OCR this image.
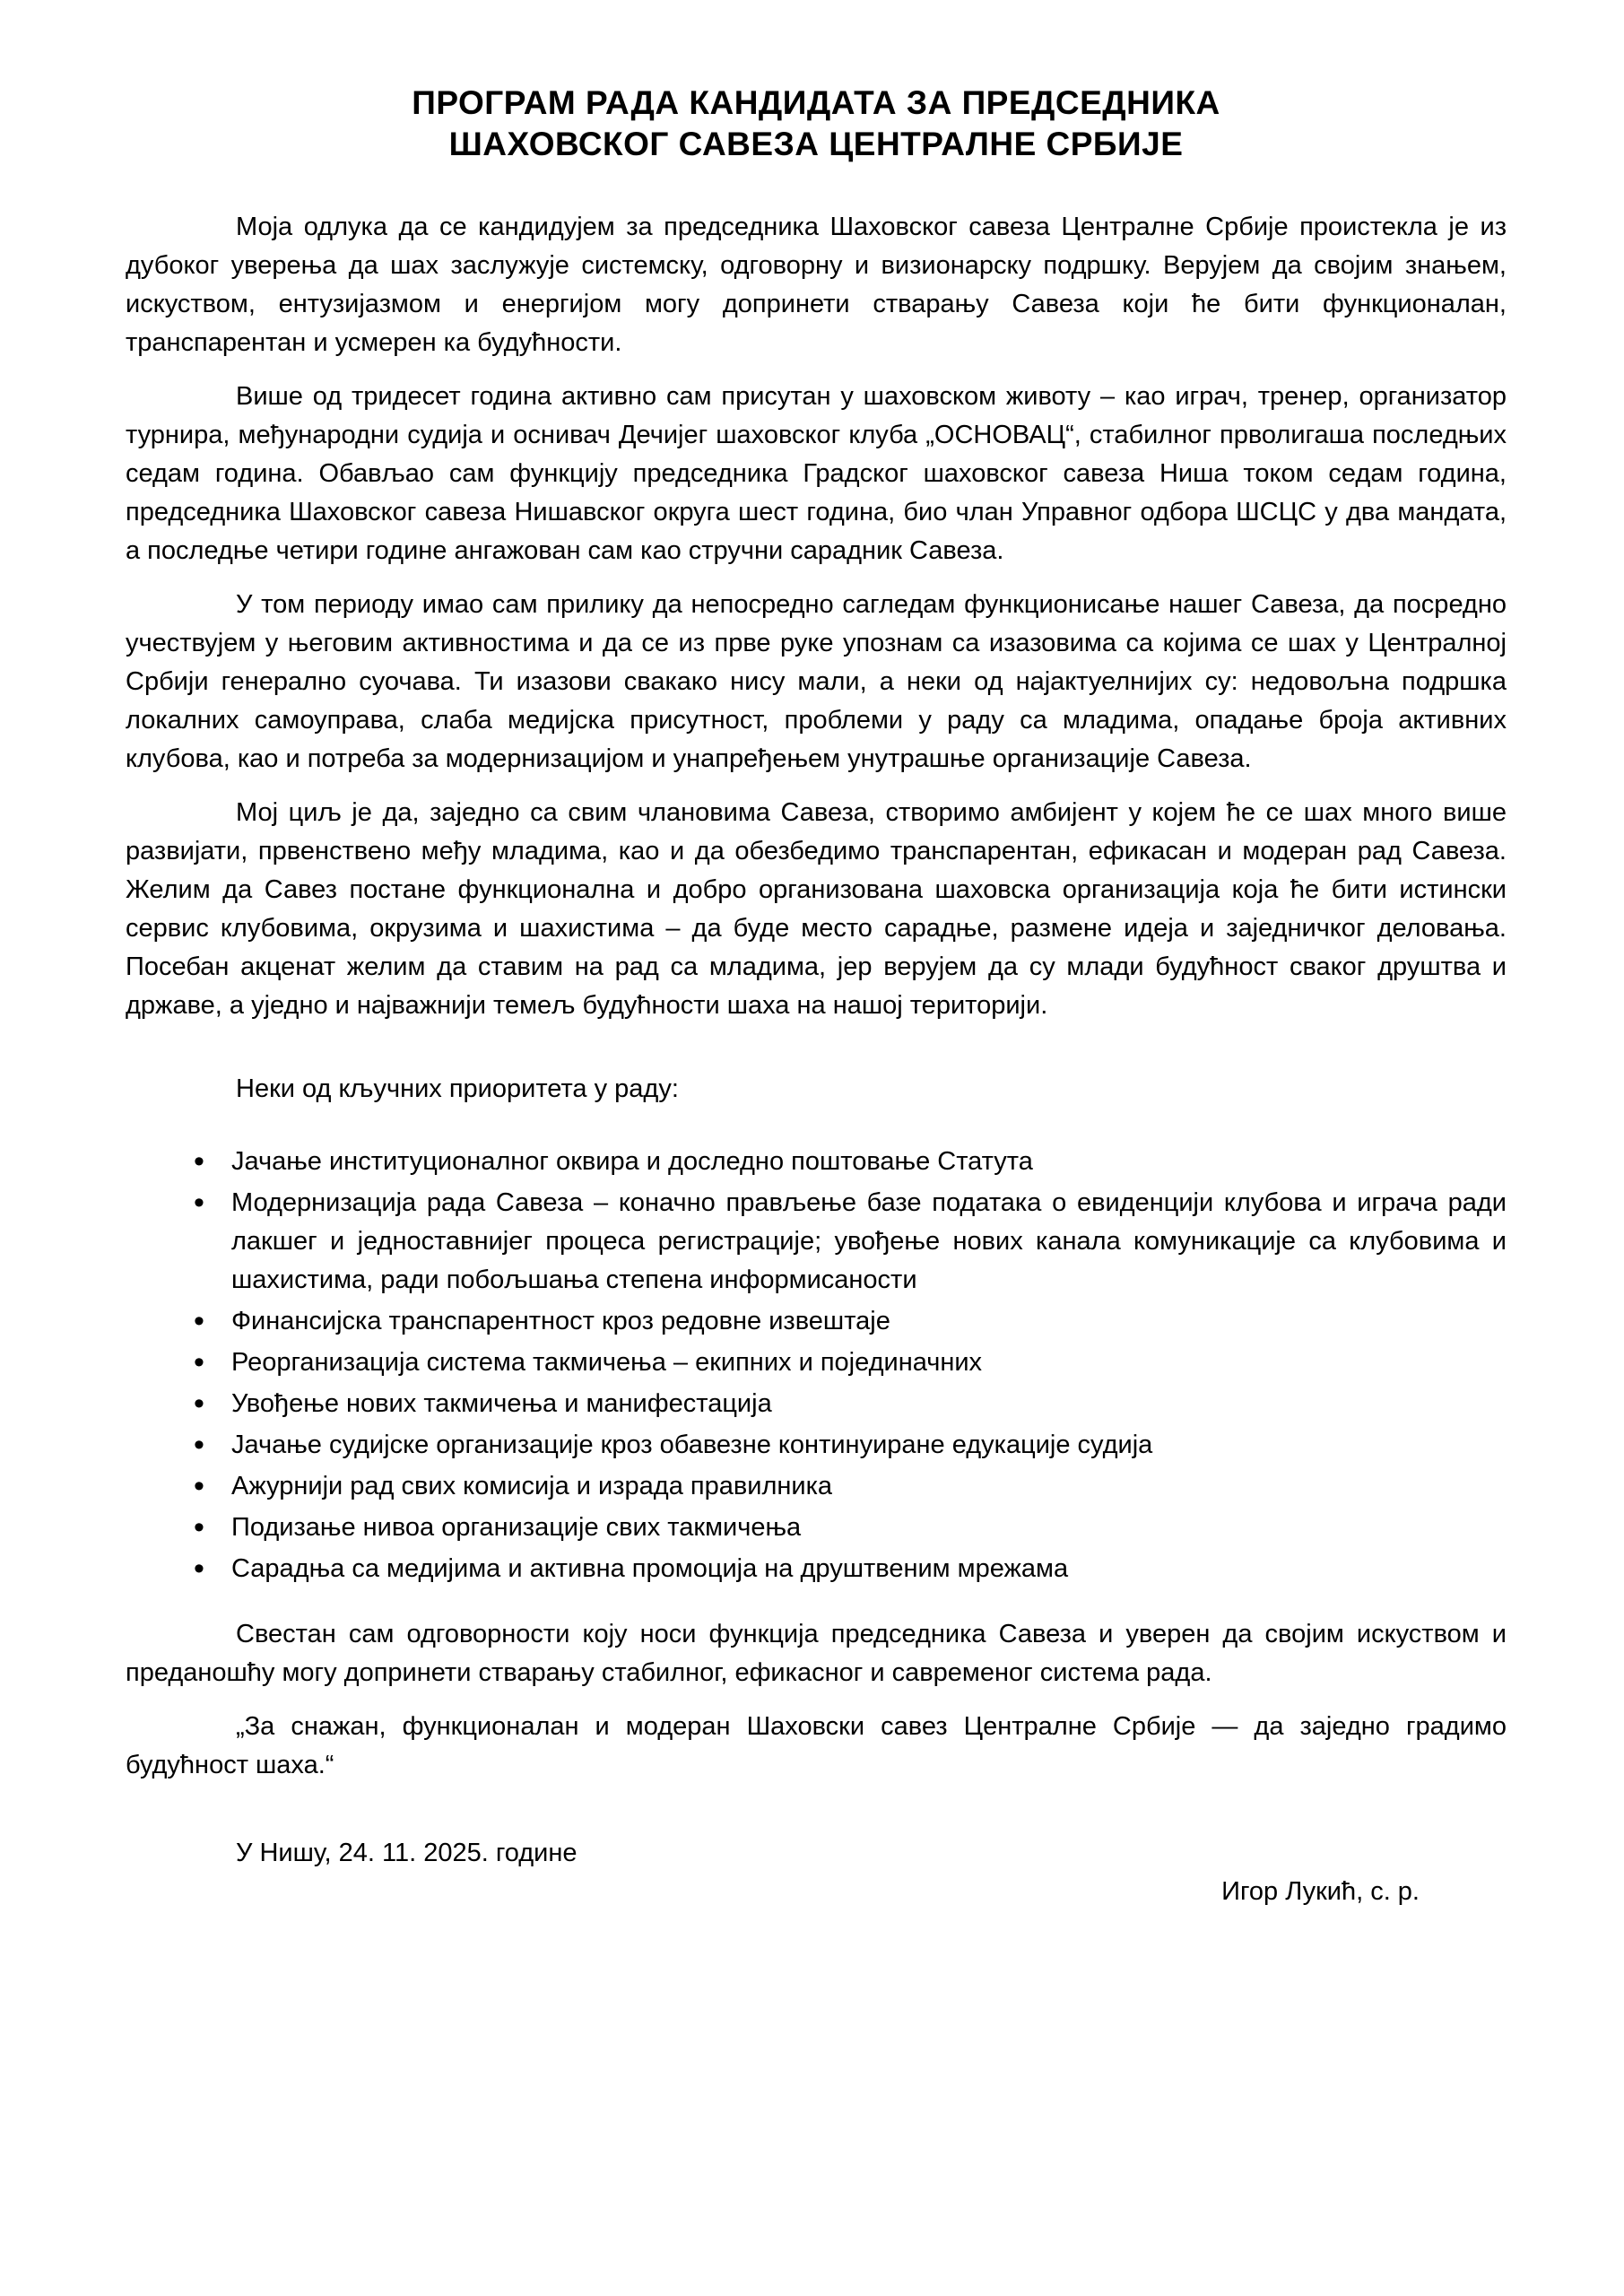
ПРОГРАМ РАДА КАНДИДАТА ЗА ПРЕДСЕДНИКА
ШАХОВСКОГ САВЕЗА ЦЕНТРАЛНЕ СРБИЈЕ

Моја одлука да се кандидујем за председника Шаховског савеза Централне Србије проистекла је из дубоког уверења да шах заслужује системску, одговорну и визионарску подршку. Верујем да својим знањем, искуством, ентузијазмом и енергијом могу допринети стварању Савеза који ће бити функционалан, транспарентан и усмерен ка будућности.

Више од тридесет година активно сам присутан у шаховском животу – као играч, тренер, организатор турнира, међународни судија и оснивач Дечијег шаховског клуба „ОСНОВАЦ“, стабилног прволигаша последњих седам година. Обављао сам функцију председника Градског шаховског савеза Ниша током седам година, председника Шаховског савеза Нишавског округа шест година, био члан Управног одбора ШСЦС у два мандата, а последње четири године ангажован сам као стручни сарадник Савеза.

У том периоду имао сам прилику да непосредно сагледам функционисање нашег Савеза, да посредно учествујем у његовим активностима и да се из прве руке упознам са изазовима са којима се шах у Централној Србији генерално суочава. Ти изазови свакако нису мали, а неки од најактуелнијих су: недовољна подршка локалних самоуправа, слаба медијска присутност, проблеми у раду са младима, опадање броја активних клубова, као и потреба за модернизацијом и унапређењем унутрашње организације Савеза.

Мој циљ је да, заједно са свим члановима Савеза, створимо амбијент у којем ће се шах много више развијати, првенствено међу младима, као и да обезбедимо транспарентан, ефикасан и модеран рад Савеза. Желим да Савез постане функционална и добро организована шаховска организација која ће бити истински сервис клубовима, окрузима и шахистима – да буде место сарадње, размене идеја и заједничког деловања. Посебан акценат желим да ставим на рад са младима, јер верујем да су млади будућност сваког друштва и државе, а уједно и најважнији темељ будућности шаха на нашој територији.

Неки од кључних приоритета у раду:

• Јачање институционалног оквира и доследно поштовање Статута
• Модернизација рада Савеза – коначно прављење базе података о евиденцији клубова и играча ради лакшег и једноставнијег процеса регистрације; увођење нових канала комуникације са клубовима и шахистима, ради побољшања степена информисаности
• Финансијска транспарентност кроз редовне извештаје
• Реорганизација система такмичења – екипних и појединачних
• Увођење нових такмичења и манифестација
• Јачање судијске организације кроз обавезне континуиране едукације судија
• Ажурнији рад свих комисија и израда правилника
• Подизање нивоа организације свих такмичења
• Сарадња са медијима и активна промоција на друштвеним мрежама

Свестан сам одговорности коју носи функција председника Савеза и уверен да својим искуством и преданошћу могу допринети стварању стабилног, ефикасног и савременог система рада.

„За снажан, функционалан и модеран Шаховски савез Централне Србије — да заједно градимо будућност шаха.“

У Нишу, 24. 11. 2025. године

Игор Лукић, с. р.
